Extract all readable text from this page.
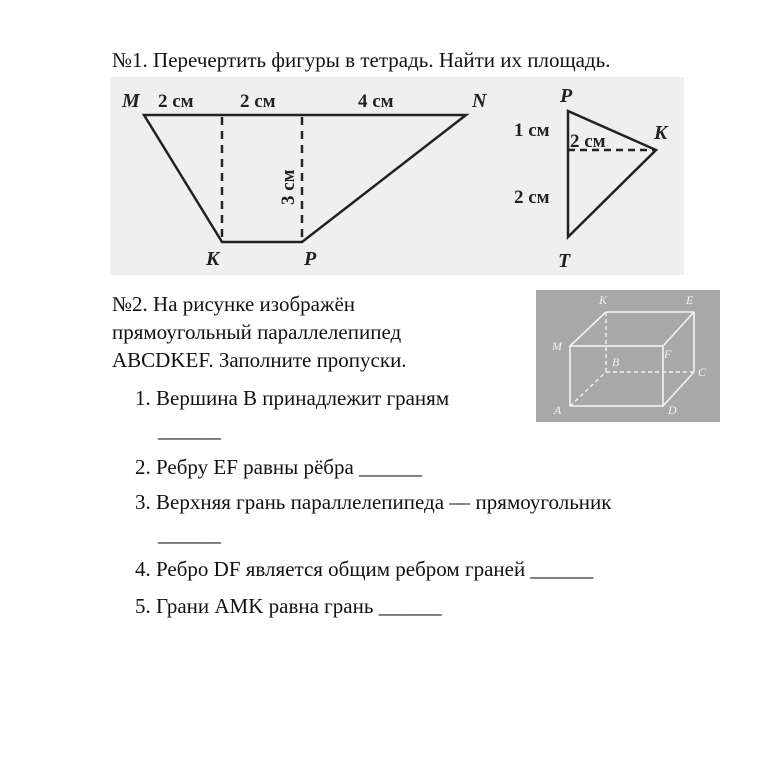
№1. Перечертить фигуры в тетрадь. Найти их площадь.
M	N
K	P
2 см 2 см	4 см
3 см
P
K
T
1 см
2 см
2 см
№2. На рисунке изображён
прямоугольный параллелепипед
ABCDKEF. Заполните пропуски.
K	E
M
F
B
C
A	D
1. Вершина B принадлежит граням
______
2. Ребру EF равны рёбра ______
3. Верхняя грань параллелепипеда — прямоугольник
______
4. Ребро DF является общим ребром граней ______
5. Грани AMK равна грань ______
